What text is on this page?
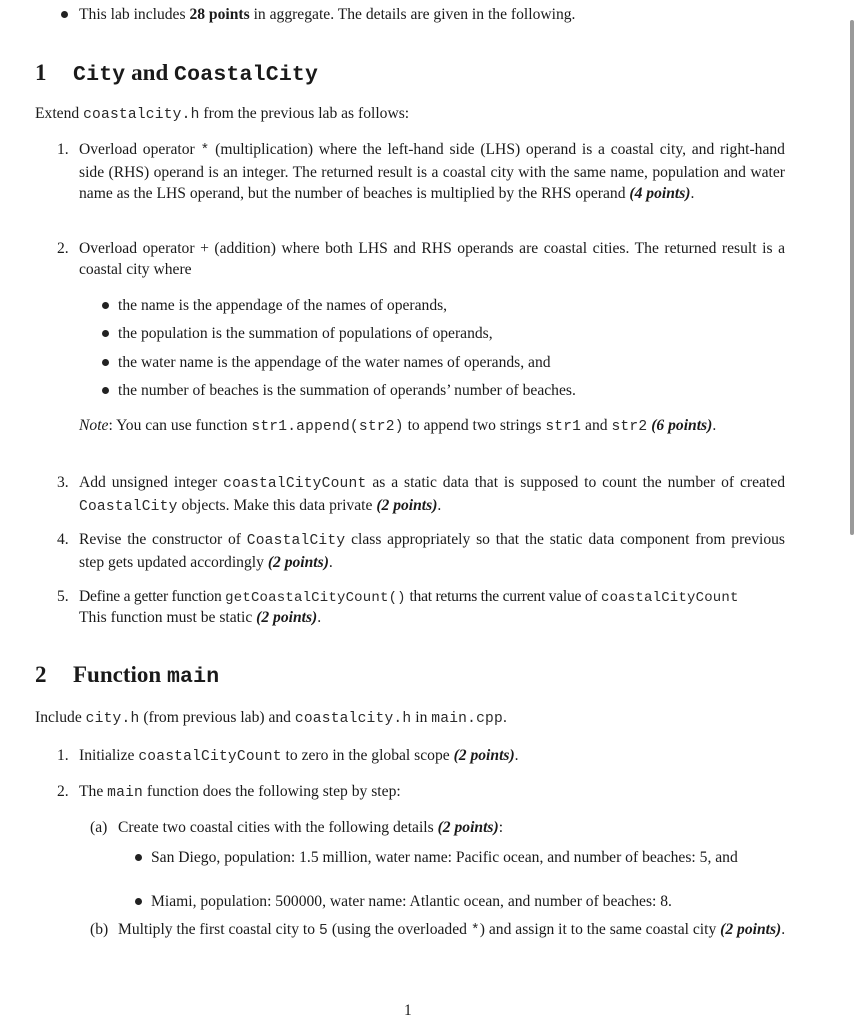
This lab includes 28 points in aggregate. The details are given in the following.
1 City and CoastalCity
Extend coastalcity.h from the previous lab as follows:
1. Overload operator * (multiplication) where the left-hand side (LHS) operand is a coastal city, and right-hand side (RHS) operand is an integer. The returned result is a coastal city with the same name, population and water name as the LHS operand, but the number of beaches is multiplied by the RHS operand (4 points).
2. Overload operator + (addition) where both LHS and RHS operands are coastal cities. The returned result is a coastal city where
the name is the appendage of the names of operands,
the population is the summation of populations of operands,
the water name is the appendage of the water names of operands, and
the number of beaches is the summation of operands’ number of beaches.
Note: You can use function str1.append(str2) to append two strings str1 and str2 (6 points).
3. Add unsigned integer coastalCityCount as a static data that is supposed to count the number of created CoastalCity objects. Make this data private (2 points).
4. Revise the constructor of CoastalCity class appropriately so that the static data component from previous step gets updated accordingly (2 points).
5. Define a getter function getCoastalCityCount() that returns the current value of coastalCityCount
This function must be static (2 points).
2 Function main
Include city.h (from previous lab) and coastalcity.h in main.cpp.
1. Initialize coastalCityCount to zero in the global scope (2 points).
2. The main function does the following step by step:
(a) Create two coastal cities with the following details (2 points):
San Diego, population: 1.5 million, water name: Pacific ocean, and number of beaches: 5, and
Miami, population: 500000, water name: Atlantic ocean, and number of beaches: 8.
(b) Multiply the first coastal city to 5 (using the overloaded *) and assign it to the same coastal city (2 points).
1
